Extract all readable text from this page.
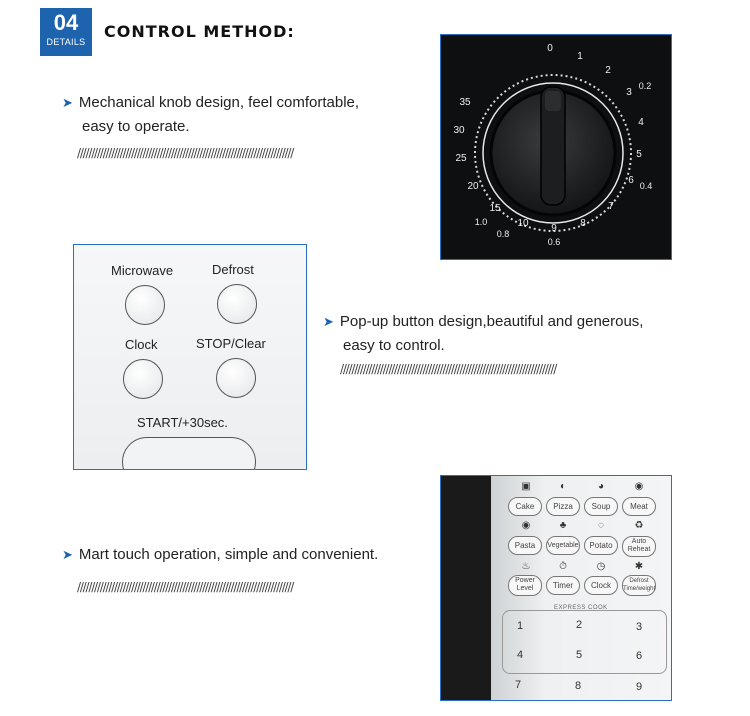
04
DETAILS
CONTROL METHOD:
➤ Mechanical knob design, feel comfortable,
easy to operate.
////////////////////////////////////////////////////////////////////////////
➤ Pop-up button design,beautiful and generous,
easy to control.
////////////////////////////////////////////////////////////////////////////
➤ Mart touch operation, simple and convenient.
////////////////////////////////////////////////////////////////////////////
0
1
2
3
4
5
6
7
8
9
10
15
20
25
30
35
0.2
0.4
0.6
0.8
1.0
Microwave	Defrost
Clock	STOP/Clear
START/+30sec.
▣	◐	◕	◉
Cake	Pizza	Soup	Meat
◉	♣	◌	♻
Pasta	Vegetable	Potato	Auto Reheat
♨	⏱	◷	✱
Power Level	Timer	Clock	Defrost Time/weight
EXPRESS COOK
1	2	3
4	5	6
7	8	9
